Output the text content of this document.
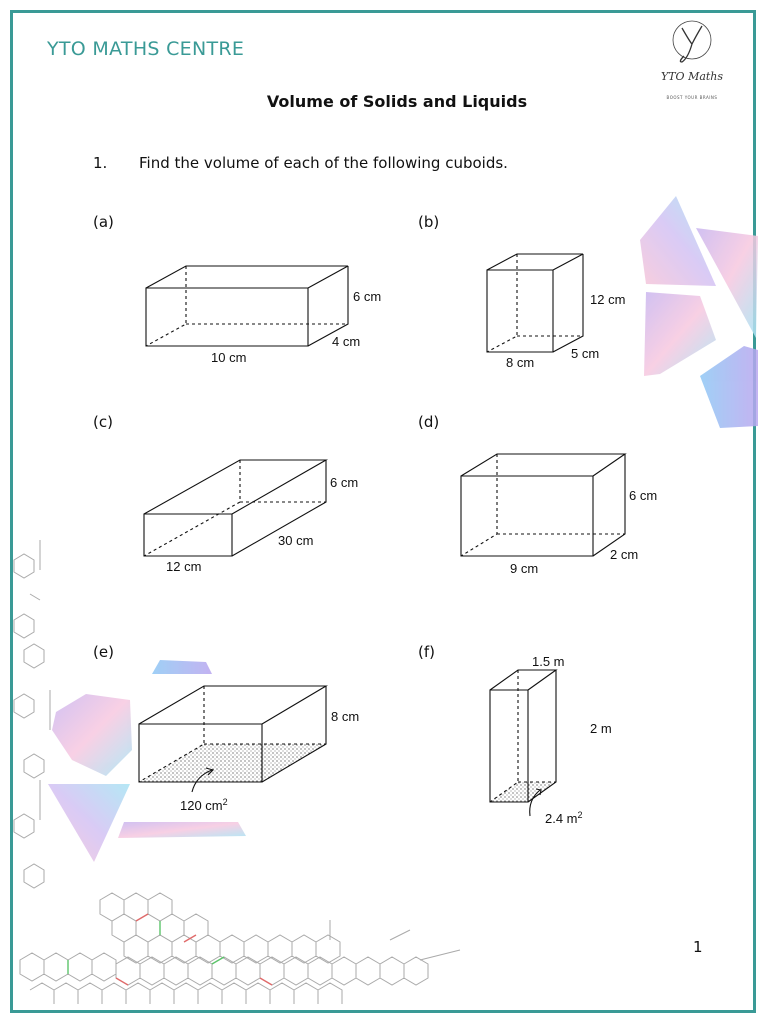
YTO MATHS CENTRE
YTO Maths
BOOST YOUR BRAINS
Volume of Solids and Liquids
1. Find the volume of each of the following cuboids.
(a)	(b)
(c)	(d)
(e)	(f)
1
6 cm
4 cm
10 cm
12 cm
8 cm
5 cm
6 cm
30 cm
12 cm
6 cm
9 cm
2 cm
8 cm
120 $cm^2$
1.5 m
2 m
2.4 $m^2$
